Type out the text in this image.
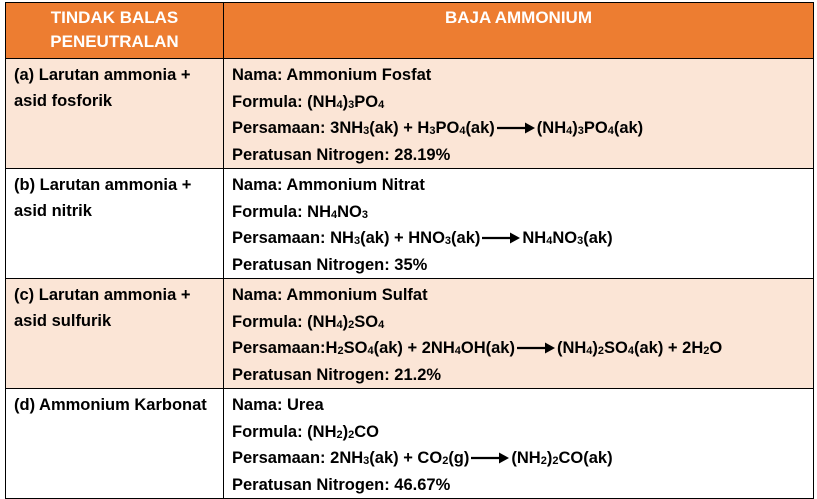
TINDAK BALAS PENEUTRALAN	BAJA AMMONIUM
(a) Larutan ammonia + asid fosforik	Nama: Ammonium Fosfat
Formula: $(NH_4)_3PO_4$
Persamaan: $3NH_3(ak) + H_3PO_4(ak)$ $(NH_4)_3PO_4(ak)$
Peratusan Nitrogen: 28.19%

(b) Larutan ammonia + asid nitrik	Nama: Ammonium Nitrat
Formula: $NH_4NO_3$
Persamaan: $NH_3(ak) + HNO_3(ak)$ $NH_4NO_3(ak)$
Peratusan Nitrogen: 35%

(c) Larutan ammonia + asid sulfurik	Nama: Ammonium Sulfat
Formula: $(NH_4)_2SO_4$
$Persamaan:H_2SO_4(ak) + 2NH_4OH(ak) (NH_4)_2SO_4(ak) + 2H_2O$
Peratusan Nitrogen: 21.2%

(d) Ammonium Karbonat	Nama: Urea
Formula: $(NH_2)_2CO$
Persamaan: $2NH_3(ak) + CO_2(g)$ $(NH_2)_2CO(ak)$
Peratusan Nitrogen: 46.67%
